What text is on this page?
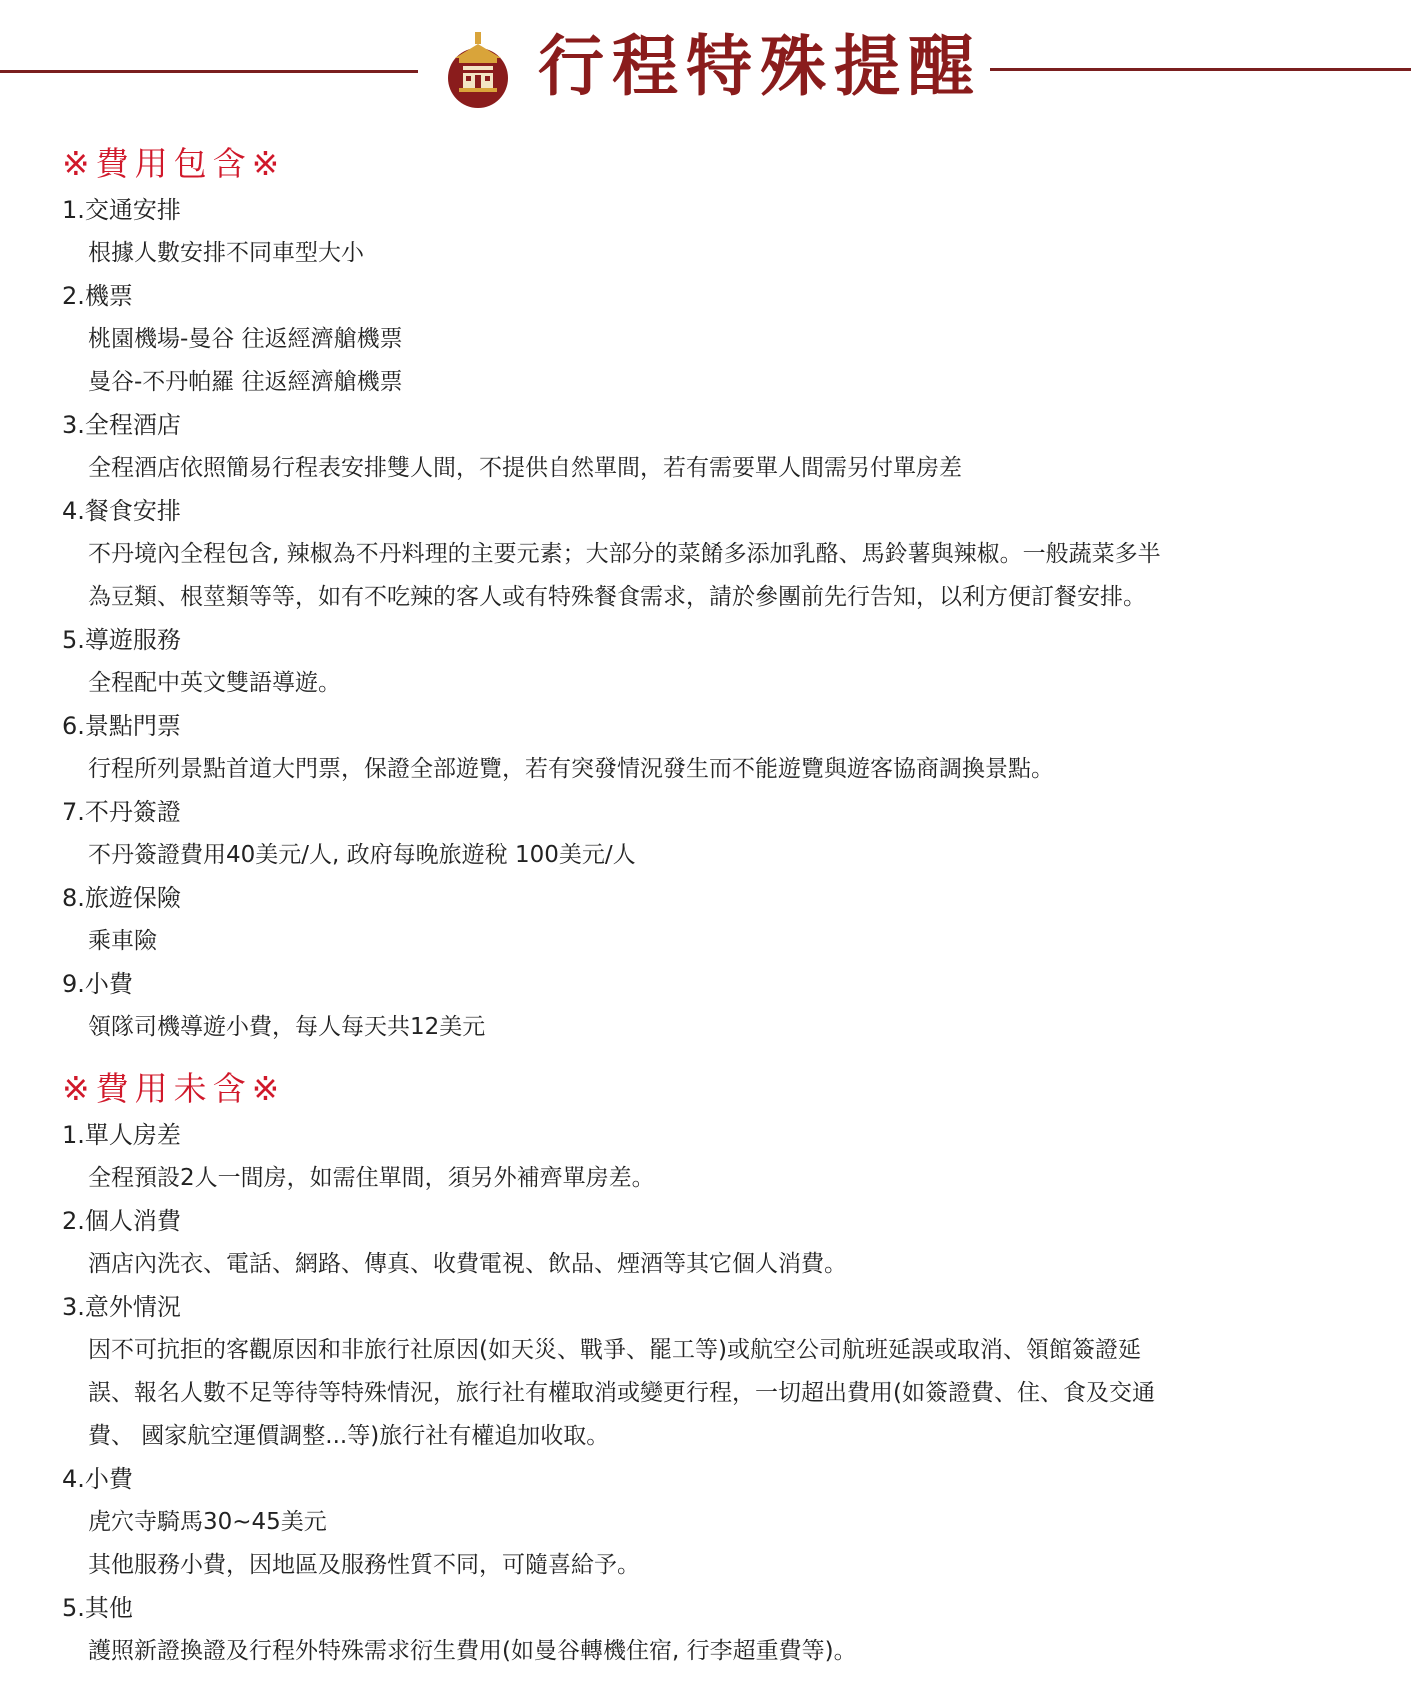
行程特殊提醒
※費用包含※
1.交通安排
根據人數安排不同車型大小
2.機票
桃園機場-曼谷 往返經濟艙機票
曼谷-不丹帕羅 往返經濟艙機票
3.全程酒店
全程酒店依照簡易行程表安排雙人間，不提供自然單間，若有需要單人間需另付單房差
4.餐食安排
不丹境內全程包含, 辣椒為不丹料理的主要元素；大部分的菜餚多添加乳酪、馬鈴薯與辣椒。一般蔬菜多半
為豆類、根莖類等等，如有不吃辣的客人或有特殊餐食需求，請於參團前先行告知，以利方便訂餐安排。
5.導遊服務
全程配中英文雙語導遊。
6.景點門票
行程所列景點首道大門票，保證全部遊覽，若有突發情況發生而不能遊覽與遊客協商調換景點。
7.不丹簽證
不丹簽證費用40美元/人, 政府每晚旅遊稅 100美元/人
8.旅遊保險
乘車險
9.小費
領隊司機導遊小費，每人每天共12美元
※費用未含※
1.單人房差
全程預設2人一間房，如需住單間，須另外補齊單房差。
2.個人消費
酒店內洗衣、電話、網路、傳真、收費電視、飲品、煙酒等其它個人消費。
3.意外情況
因不可抗拒的客觀原因和非旅行社原因(如天災、戰爭、罷工等)或航空公司航班延誤或取消、領館簽證延
誤、報名人數不足等待等特殊情況，旅行社有權取消或變更行程，一切超出費用(如簽證費、住、食及交通
費、 國家航空運價調整...等)旅行社有權追加收取。
4.小費
虎穴寺騎馬30~45美元
其他服務小費，因地區及服務性質不同，可隨喜給予。
5.其他
護照新證換證及行程外特殊需求衍生費用(如曼谷轉機住宿, 行李超重費等)。
